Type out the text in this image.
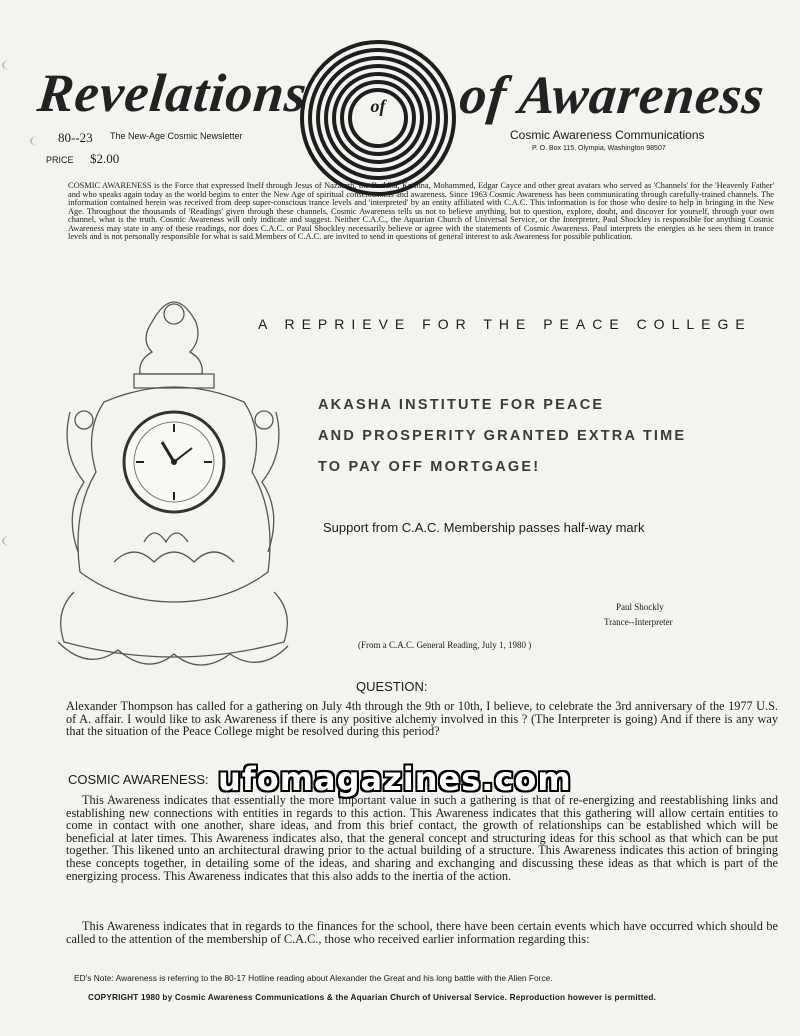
Revelations	of of Awareness
80--23 The New-Age Cosmic Newsletter
PRICE $2.00
Cosmic Awareness Communications
P. O. Box 115, Olympia, Washington 98507
COSMIC AWARENESS is the Force that expressed Itself through Jesus of Nazareth, the Buddha, Krishna, Mohammed, Edgar Cayce and other great avatars who served as 'Channels' for the 'Heavenly Father' and who speaks again today as the world begins to enter the New Age of spiritual consciousness and awareness. Since 1963 Cosmic Awareness has been communicating through carefully-trained channels. The information contained herein was received from deep super-conscious trance levels and 'interpreted' by an entity affiliated with C.A.C. This information is for those who desire to help in bringing in the New Age. Throughout the thousands of 'Readings' given through these channels, Cosmic Awareness tells us not to believe anything, but to question, explore, doubt, and discover for yourself, through your own channel, what is the truth. Cosmic Awareness will only indicate and suggest. Neither C.A.C., the Aquarian Church of Universal Service, or the Interpreter, Paul Shockley is responsible for anything Cosmic Awareness may state in any of these readings, nor does C.A.C. or Paul Shockley necessarily believe or agree with the statements of Cosmic Awareness. Paul interprets the energies as he sees them in trance levels and is not personally responsible for what is said.Members of C.A.C. are invited to send in questions of general interest to ask Awareness for possible publication.
A REPRIEVE FOR THE PEACE COLLEGE
AKASHA INSTITUTE FOR PEACE
AND PROSPERITY GRANTED EXTRA TIME
TO PAY OFF MORTGAGE!
Support from C.A.C. Membership passes half-way mark
Paul Shockly
Trance--Interpreter
(From a C.A.C. General Reading, July 1, 1980 )
QUESTION:
Alexander Thompson has called for a gathering on July 4th through the 9th or 10th, I believe, to celebrate the 3rd anniversary of the 1977 U.S. of A. affair. I would like to ask Awareness if there is any positive alchemy involved in this ? (The Interpreter is going) And if there is any way that the situation of the Peace College might be resolved during this period?
COSMIC AWARENESS:
This Awareness indicates that essentially the more important value in such a gathering is that of re-energizing and reestablishing links and establishing new connections with entities in regards to this action. This Awareness indicates that this gathering will allow certain entities to come in contact with one another, share ideas, and from this brief contact, the growth of relationships can be established which will be beneficial at later times. This Awareness indicates also, that the general concept and structuring ideas for this school as that which can be put together. This likened unto an architectural drawing prior to the actual building of a structure. This Awareness indicates this action of bringing these concepts together, in detailing some of the ideas, and sharing and exchanging and discussing these ideas as that which is part of the energizing process. This Awareness indicates that this also adds to the inertia of the action.
This Awareness indicates that in regards to the finances for the school, there have been certain events which have occurred which should be called to the attention of the membership of C.A.C., those who received earlier information regarding this:
ED's Note: Awareness is referring to the 80-17 Hotline reading about Alexander the Great and his long battle with the Alien Force.
COPYRIGHT 1980 by Cosmic Awareness Communications & the Aquarian Church of Universal Service. Reproduction however is permitted.
ufomagazines.com
